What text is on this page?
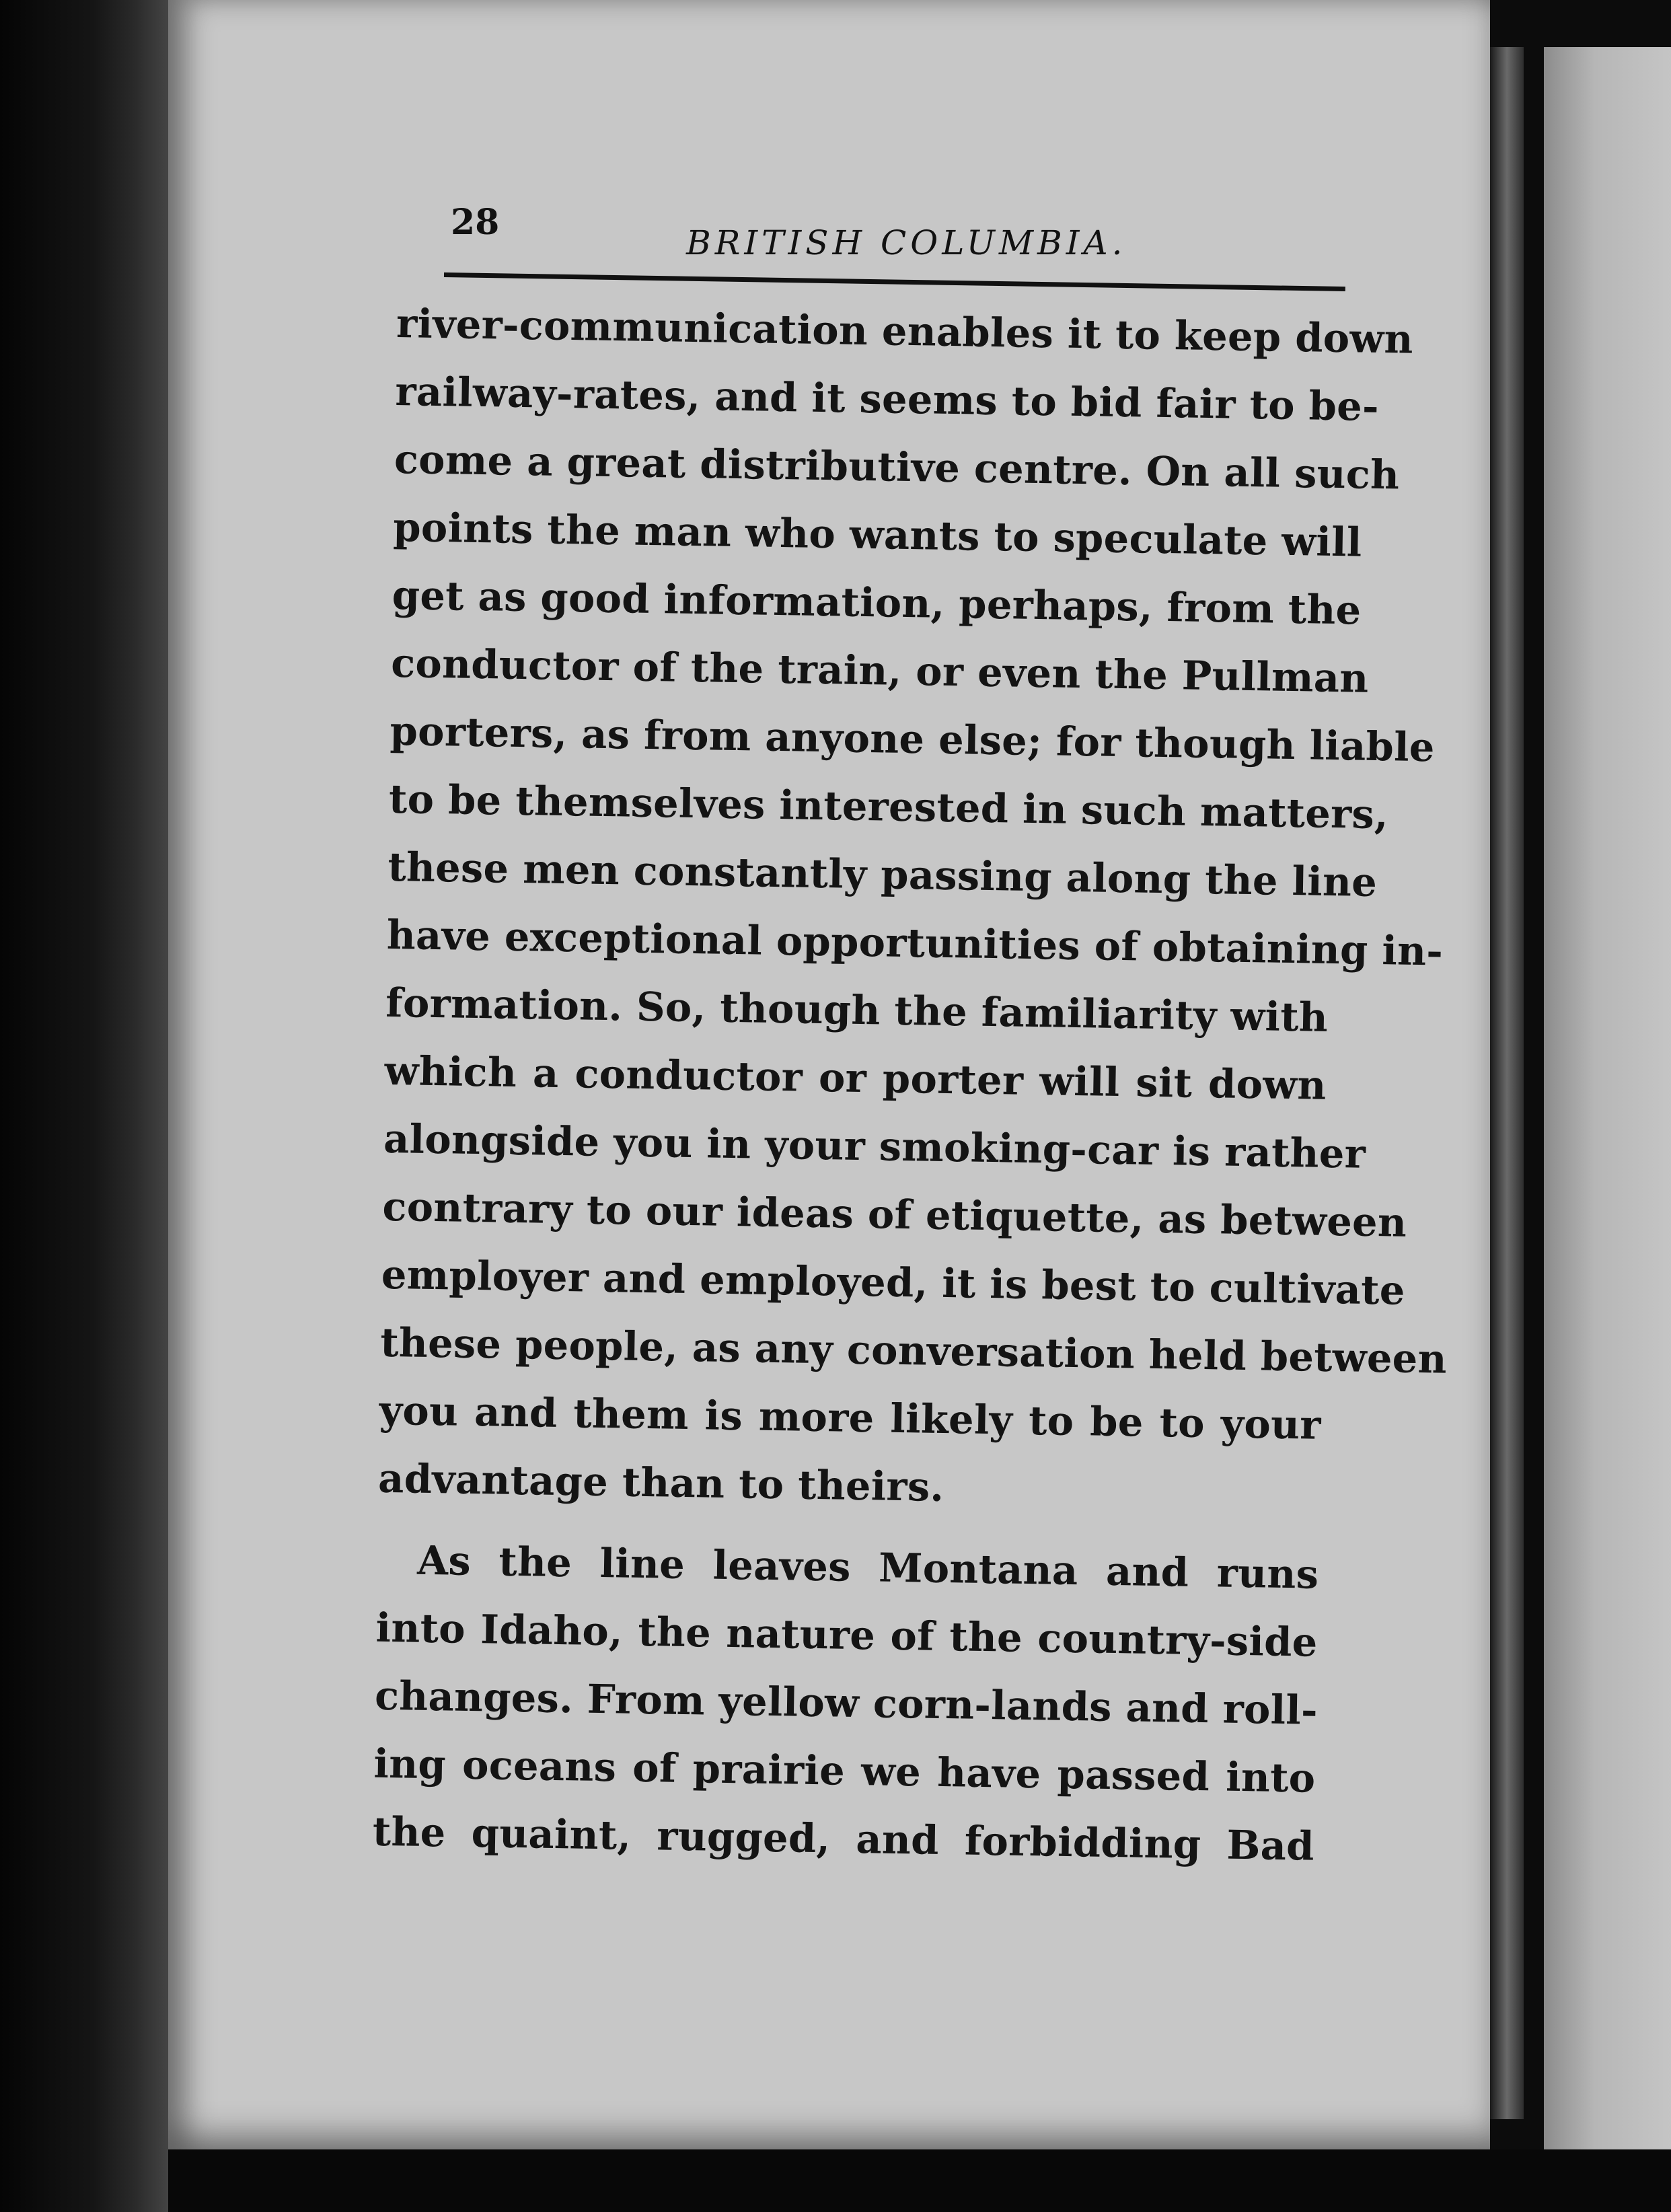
28	BRITISH COLUMBIA.
river-communication enables it to keep down
railway-rates, and it seems to bid fair to be-
come a great distributive centre. On all such
points the man who wants to speculate will
get as good information, perhaps, from the
conductor of the train, or even the Pullman
porters, as from anyone else; for though liable
to be themselves interested in such matters,
these men constantly passing along the line
have exceptional opportunities of obtaining in-
formation. So, though the familiarity with
which a conductor or porter will sit down
alongside you in your smoking-car is rather
contrary to our ideas of etiquette, as between
employer and employed, it is best to cultivate
these people, as any conversation held between
you and them is more likely to be to your
advantage than to theirs.
As the line leaves Montana and runs
into Idaho, the nature of the country-side
changes. From yellow corn-lands and roll-
ing oceans of prairie we have passed into
the quaint, rugged, and forbidding Bad
